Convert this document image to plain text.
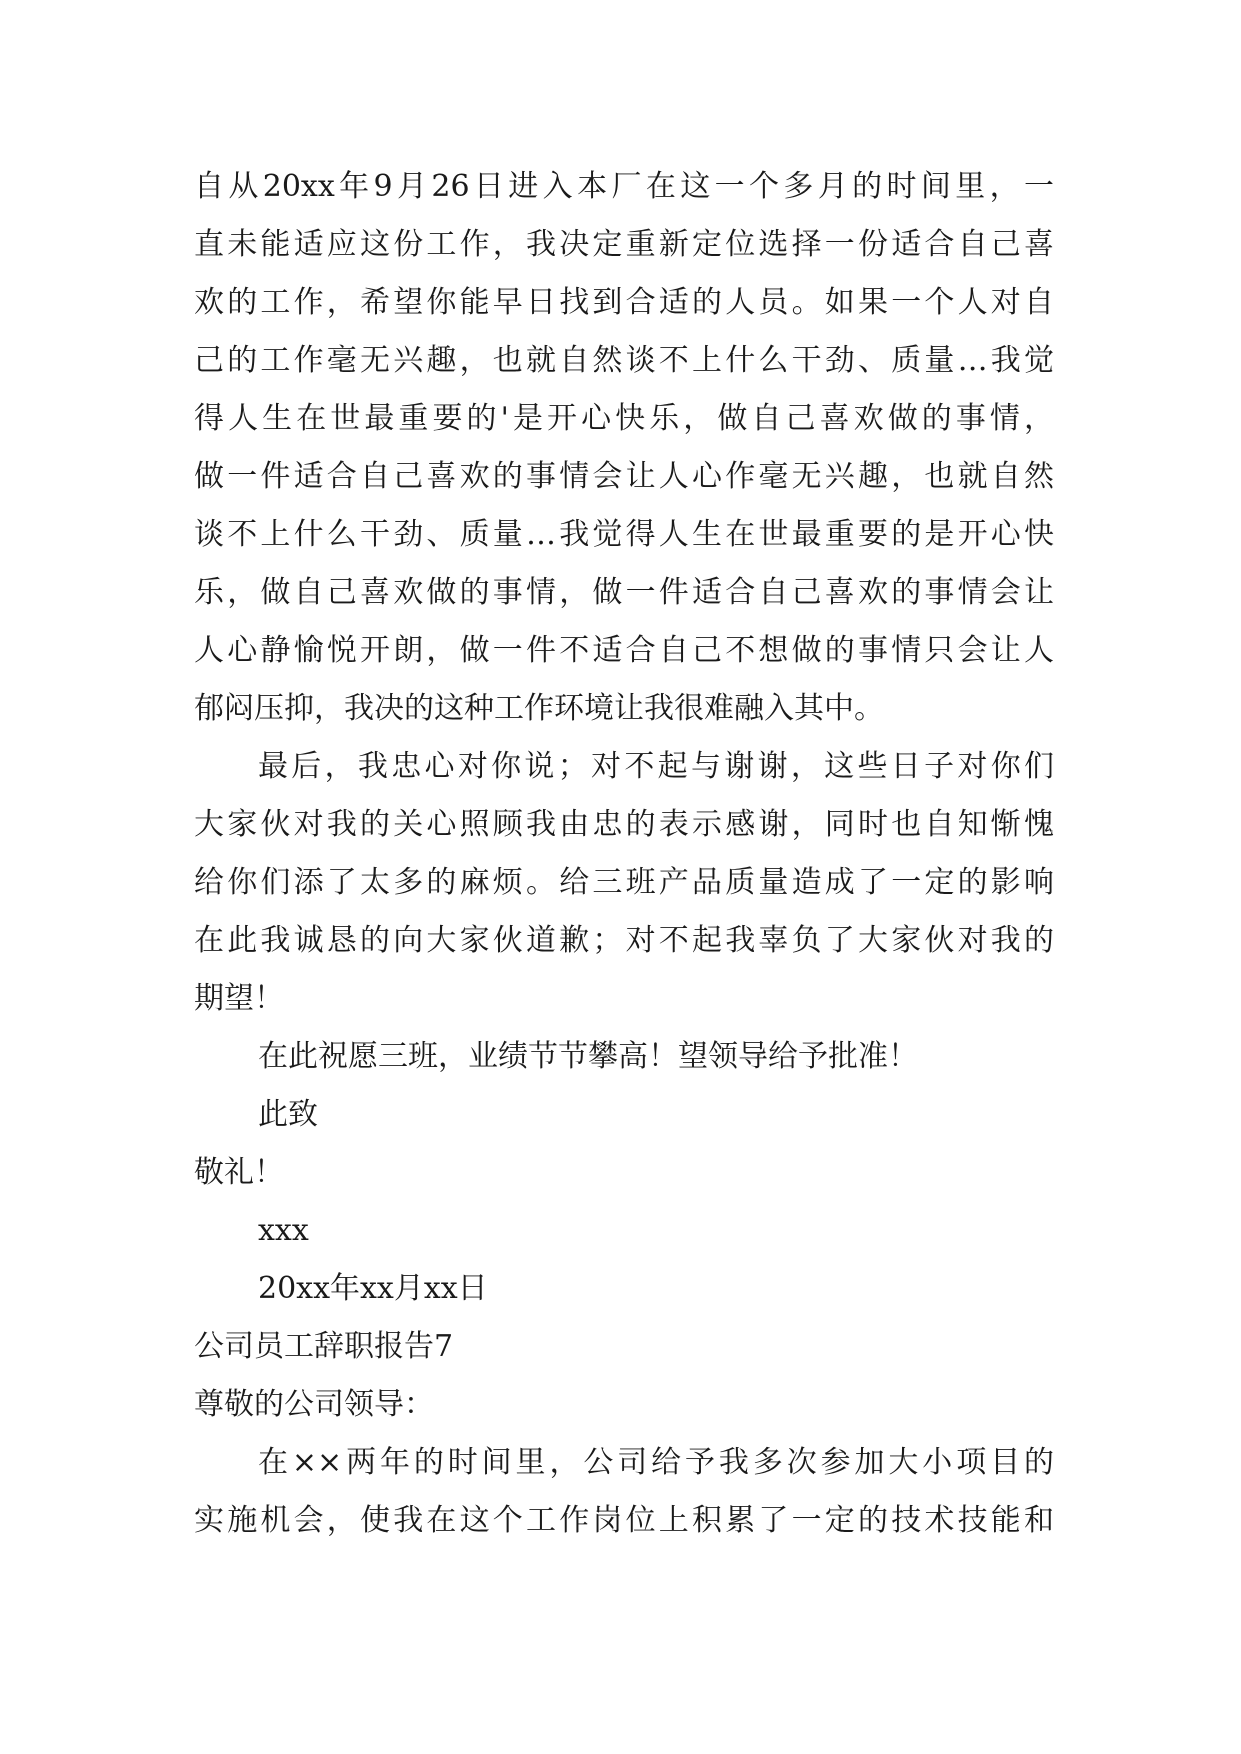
自从20xx年9月26日进入本厂在这一个多月的时间里，一
直未能适应这份工作，我决定重新定位选择一份适合自己喜
欢的工作，希望你能早日找到合适的人员。如果一个人对自
己的工作毫无兴趣，也就自然谈不上什么干劲、质量…我觉
得人生在世最重要的'是开心快乐，做自己喜欢做的事情，
做一件适合自己喜欢的事情会让人心作毫无兴趣，也就自然
谈不上什么干劲、质量…我觉得人生在世最重要的是开心快
乐，做自己喜欢做的事情，做一件适合自己喜欢的事情会让
人心静愉悦开朗，做一件不适合自己不想做的事情只会让人
郁闷压抑，我决的这种工作环境让我很难融入其中。
最后，我忠心对你说；对不起与谢谢，这些日子对你们
大家伙对我的关心照顾我由忠的表示感谢，同时也自知惭愧
给你们添了太多的麻烦。给三班产品质量造成了一定的影响
在此我诚恳的向大家伙道歉；对不起我辜负了大家伙对我的
期望！
在此祝愿三班，业绩节节攀高！望领导给予批准！
此致
敬礼！
xxx
20xx年xx月xx日
公司员工辞职报告7
尊敬的公司领导：
在××两年的时间里，公司给予我多次参加大小项目的
实施机会，使我在这个工作岗位上积累了一定的技术技能和
